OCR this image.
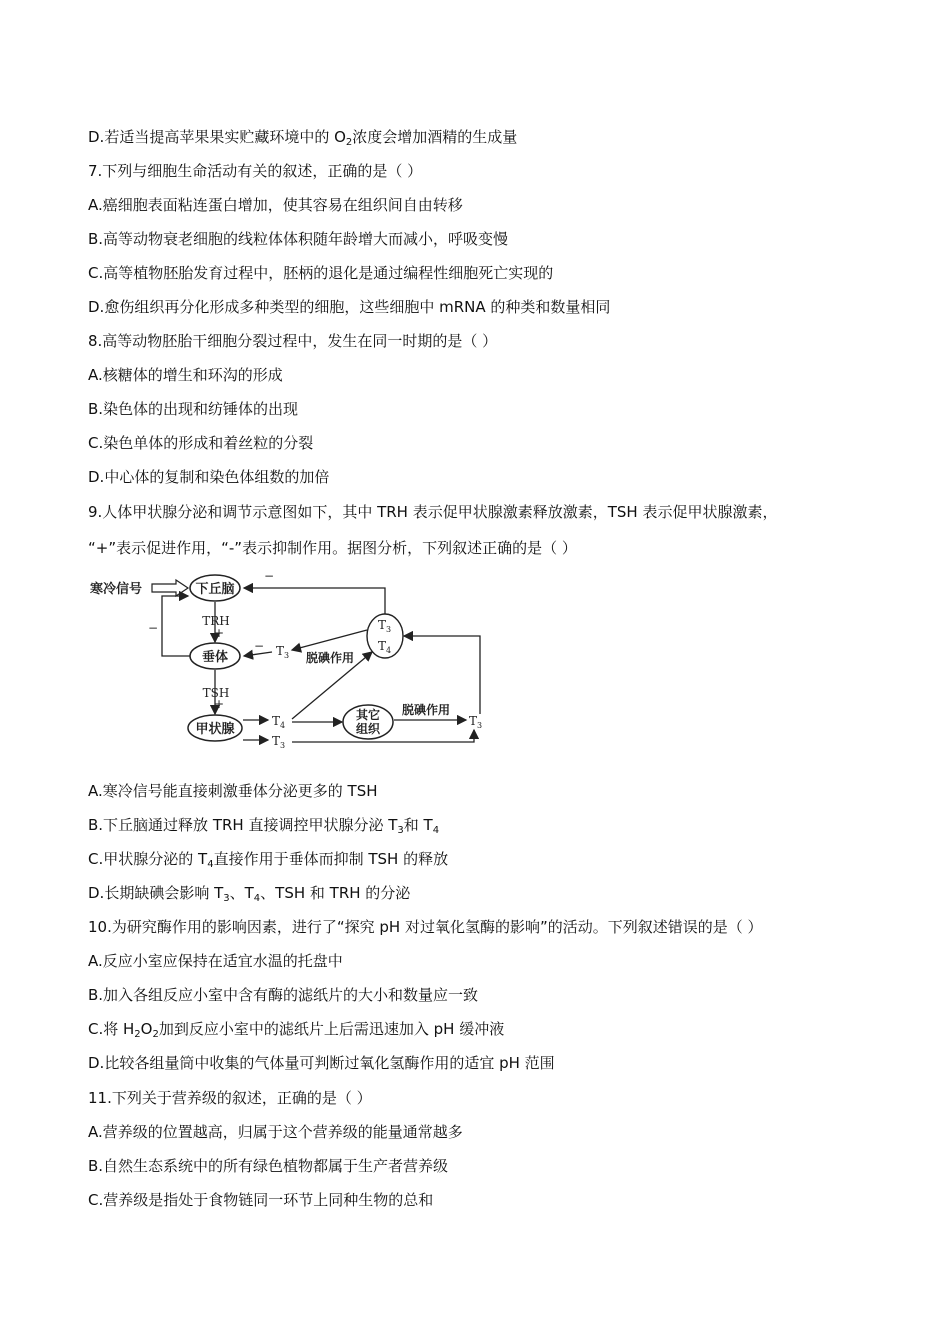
D.若适当提高苹果果实贮藏环境中的 $O_2$浓度会增加酒精的生成量
7.下列与细胞生命活动有关的叙述，正确的是（ ）
A.癌细胞表面粘连蛋白增加，使其容易在组织间自由转移
B.高等动物衰老细胞的线粒体体积随年龄增大而减小，呼吸变慢
C.高等植物胚胎发育过程中，胚柄的退化是通过编程性细胞死亡实现的
D.愈伤组织再分化形成多种类型的细胞，这些细胞中 mRNA 的种类和数量相同
8.高等动物胚胎干细胞分裂过程中，发生在同一时期的是（ ）
A.核糖体的增生和环沟的形成
B.染色体的出现和纺锤体的出现
C.染色单体的形成和着丝粒的分裂
D.中心体的复制和染色体组数的加倍
9.人体甲状腺分泌和调节示意图如下，其中 TRH 表示促甲状腺激素释放激素，TSH 表示促甲状腺激素，
“+”表示促进作用，“-”表示抑制作用。据图分析，下列叙述正确的是（ ）
寒冷信号	下丘脑
TRH
+
垂体
TSH
+
甲状腺
−	$T_3$
$T_4$
−
$T_3$ 脱碘作用
−
$T_4$
$T_3$
其它
组织
脱碘作用
$T_3$
A.寒冷信号能直接刺激垂体分泌更多的 TSH
B.下丘脑通过释放 TRH 直接调控甲状腺分泌 $T_3$和 $T_4$
C.甲状腺分泌的 $T_4$直接作用于垂体而抑制 TSH 的释放
D.长期缺碘会影响 $T_3$、$T_4$、TSH 和 TRH 的分泌
10.为研究酶作用的影响因素，进行了“探究 pH 对过氧化氢酶的影响”的活动。下列叙述错误的是（ ）
A.反应小室应保持在适宜水温的托盘中
B.加入各组反应小室中含有酶的滤纸片的大小和数量应一致
C.将 $H_2O_2$加到反应小室中的滤纸片上后需迅速加入 pH 缓冲液
D.比较各组量筒中收集的气体量可判断过氧化氢酶作用的适宜 pH 范围
11.下列关于营养级的叙述，正确的是（ ）
A.营养级的位置越高，归属于这个营养级的能量通常越多
B.自然生态系统中的所有绿色植物都属于生产者营养级
C.营养级是指处于食物链同一环节上同种生物的总和
